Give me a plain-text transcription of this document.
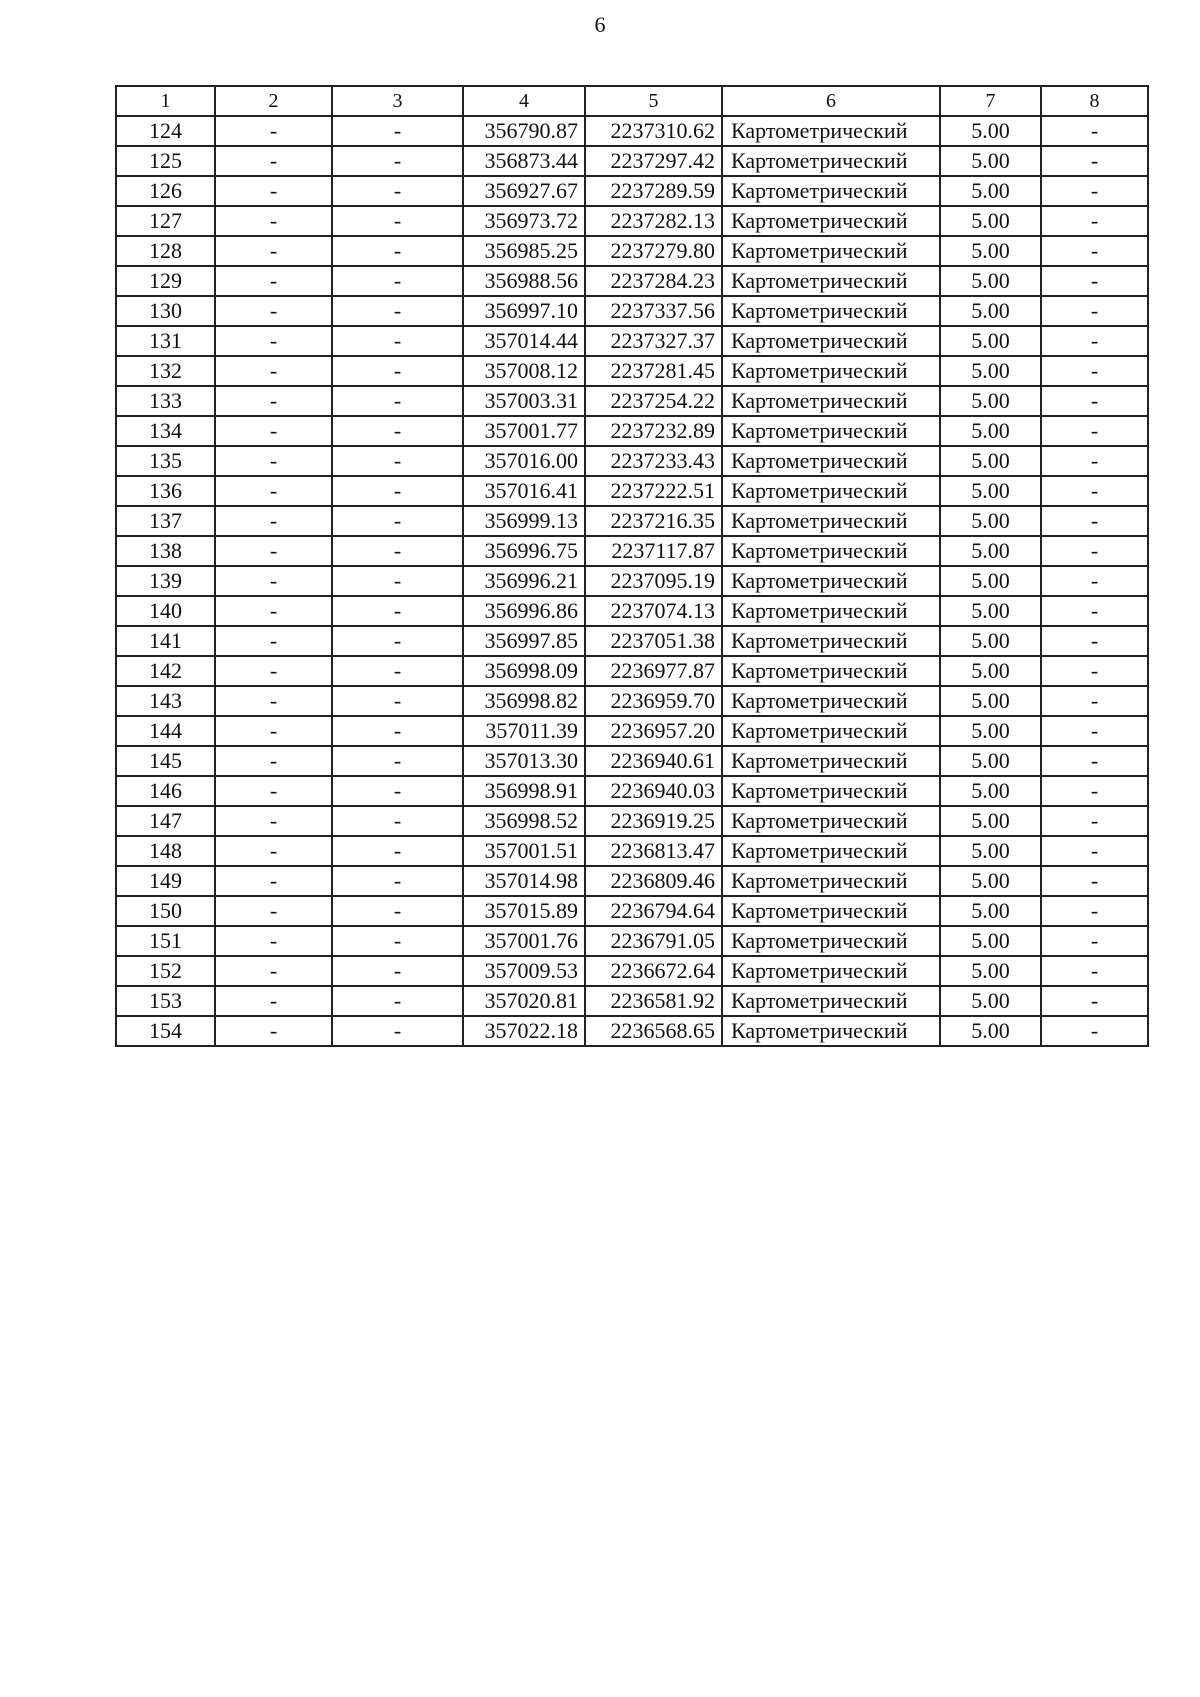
6
1	2	3	4	5	6	7	8
124	-	-	356790.87	2237310.62	Картометрический	5.00	-
125	-	-	356873.44	2237297.42	Картометрический	5.00	-
126	-	-	356927.67	2237289.59	Картометрический	5.00	-
127	-	-	356973.72	2237282.13	Картометрический	5.00	-
128	-	-	356985.25	2237279.80	Картометрический	5.00	-
129	-	-	356988.56	2237284.23	Картометрический	5.00	-
130	-	-	356997.10	2237337.56	Картометрический	5.00	-
131	-	-	357014.44	2237327.37	Картометрический	5.00	-
132	-	-	357008.12	2237281.45	Картометрический	5.00	-
133	-	-	357003.31	2237254.22	Картометрический	5.00	-
134	-	-	357001.77	2237232.89	Картометрический	5.00	-
135	-	-	357016.00	2237233.43	Картометрический	5.00	-
136	-	-	357016.41	2237222.51	Картометрический	5.00	-
137	-	-	356999.13	2237216.35	Картометрический	5.00	-
138	-	-	356996.75	2237117.87	Картометрический	5.00	-
139	-	-	356996.21	2237095.19	Картометрический	5.00	-
140	-	-	356996.86	2237074.13	Картометрический	5.00	-
141	-	-	356997.85	2237051.38	Картометрический	5.00	-
142	-	-	356998.09	2236977.87	Картометрический	5.00	-
143	-	-	356998.82	2236959.70	Картометрический	5.00	-
144	-	-	357011.39	2236957.20	Картометрический	5.00	-
145	-	-	357013.30	2236940.61	Картометрический	5.00	-
146	-	-	356998.91	2236940.03	Картометрический	5.00	-
147	-	-	356998.52	2236919.25	Картометрический	5.00	-
148	-	-	357001.51	2236813.47	Картометрический	5.00	-
149	-	-	357014.98	2236809.46	Картометрический	5.00	-
150	-	-	357015.89	2236794.64	Картометрический	5.00	-
151	-	-	357001.76	2236791.05	Картометрический	5.00	-
152	-	-	357009.53	2236672.64	Картометрический	5.00	-
153	-	-	357020.81	2236581.92	Картометрический	5.00	-
154	-	-	357022.18	2236568.65	Картометрический	5.00	-
